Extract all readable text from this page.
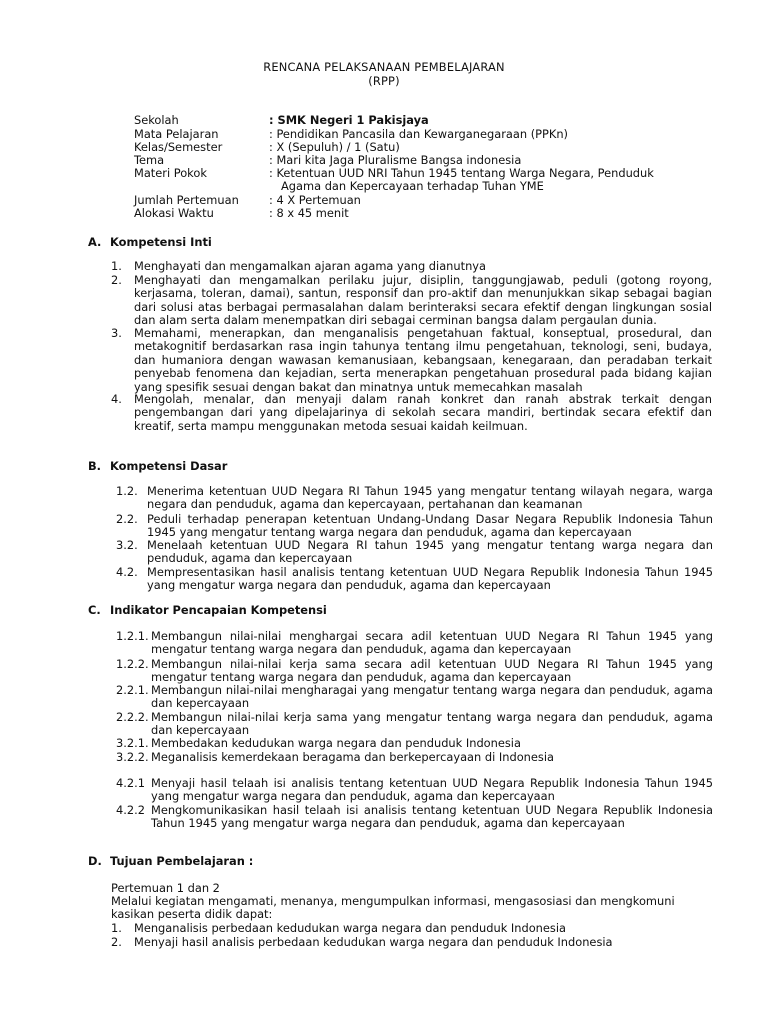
RENCANA PELAKSANAAN PEMBELAJARAN
(RPP)
Sekolah	: SMK Negeri 1 Pakisjaya
Mata Pelajaran	: Pendidikan Pancasila dan Kewarganegaraan (PPKn)
Kelas/Semester	: X (Sepuluh) / 1 (Satu)
Tema	: Mari kita Jaga Pluralisme Bangsa indonesia
Materi Pokok	: Ketentuan UUD NRI Tahun 1945 tentang Warga Negara, Penduduk
Agama dan Kepercayaan terhadap Tuhan YME
Jumlah Pertemuan	: 4 X Pertemuan
Alokasi Waktu	: 8 x 45 menit
A. Kompetensi Inti
1.	Menghayati dan mengamalkan ajaran agama yang dianutnya
2.	Menghayati dan mengamalkan perilaku jujur, disiplin, tanggungjawab, peduli (gotong royong, kerjasama, toleran, damai), santun, responsif dan pro-aktif dan menunjukkan sikap sebagai bagian dari solusi atas berbagai permasalahan dalam berinteraksi secara efektif dengan lingkungan sosial dan alam serta dalam menempatkan diri sebagai cerminan bangsa dalam pergaulan dunia.
3.	Memahami, menerapkan, dan menganalisis pengetahuan faktual, konseptual, prosedural, dan metakognitif berdasarkan rasa ingin tahunya tentang ilmu pengetahuan, teknologi, seni, budaya, dan humaniora dengan wawasan kemanusiaan, kebangsaan, kenegaraan, dan peradaban terkait penyebab fenomena dan kejadian, serta menerapkan pengetahuan prosedural pada bidang kajian yang spesifik sesuai dengan bakat dan minatnya untuk memecahkan masalah
4.	Mengolah, menalar, dan menyaji dalam ranah konkret dan ranah abstrak terkait dengan pengembangan dari yang dipelajarinya di sekolah secara mandiri, bertindak secara efektif dan kreatif, serta mampu menggunakan metoda sesuai kaidah keilmuan.
B. Kompetensi Dasar
1.2. Menerima ketentuan UUD Negara RI Tahun 1945 yang mengatur tentang wilayah negara, warga negara dan penduduk, agama dan kepercayaan, pertahanan dan keamanan
2.2. Peduli terhadap penerapan ketentuan Undang-Undang Dasar Negara Republik Indonesia Tahun 1945 yang mengatur tentang warga negara dan penduduk, agama dan kepercayaan
3.2. Menelaah ketentuan UUD Negara RI tahun 1945 yang mengatur tentang warga negara dan penduduk, agama dan kepercayaan
4.2. Mempresentasikan hasil analisis tentang ketentuan UUD Negara Republik Indonesia Tahun 1945 yang mengatur warga negara dan penduduk, agama dan kepercayaan
C. Indikator Pencapaian Kompetensi
1.2.1. Membangun nilai-nilai menghargai secara adil ketentuan UUD Negara RI Tahun 1945 yang mengatur tentang warga negara dan penduduk, agama dan kepercayaan
1.2.2. Membangun nilai-nilai kerja sama secara adil ketentuan UUD Negara RI Tahun 1945 yang mengatur tentang warga negara dan penduduk, agama dan kepercayaan
2.2.1. Membangun nilai-nilai mengharagai yang mengatur tentang warga negara dan penduduk, agama dan kepercayaan
2.2.2. Membangun nilai-nilai kerja sama yang mengatur tentang warga negara dan penduduk, agama dan kepercayaan
3.2.1. Membedakan kedudukan warga negara dan penduduk Indonesia
3.2.2. Meganalisis kemerdekaan beragama dan berkepercayaan di Indonesia
4.2.1 Menyaji hasil telaah isi analisis tentang ketentuan UUD Negara Republik Indonesia Tahun 1945 yang mengatur warga negara dan penduduk, agama dan kepercayaan
4.2.2 Mengkomunikasikan hasil telaah isi analisis tentang ketentuan UUD Negara Republik Indonesia Tahun 1945 yang mengatur warga negara dan penduduk, agama dan kepercayaan
D. Tujuan Pembelajaran :
Pertemuan 1 dan 2
Melalui kegiatan mengamati, menanya, mengumpulkan informasi, mengasosiasi dan mengkomuni kasikan peserta didik dapat:
1.	Menganalisis perbedaan kedudukan warga negara dan penduduk Indonesia
2.	Menyaji hasil analisis perbedaan kedudukan warga negara dan penduduk Indonesia
